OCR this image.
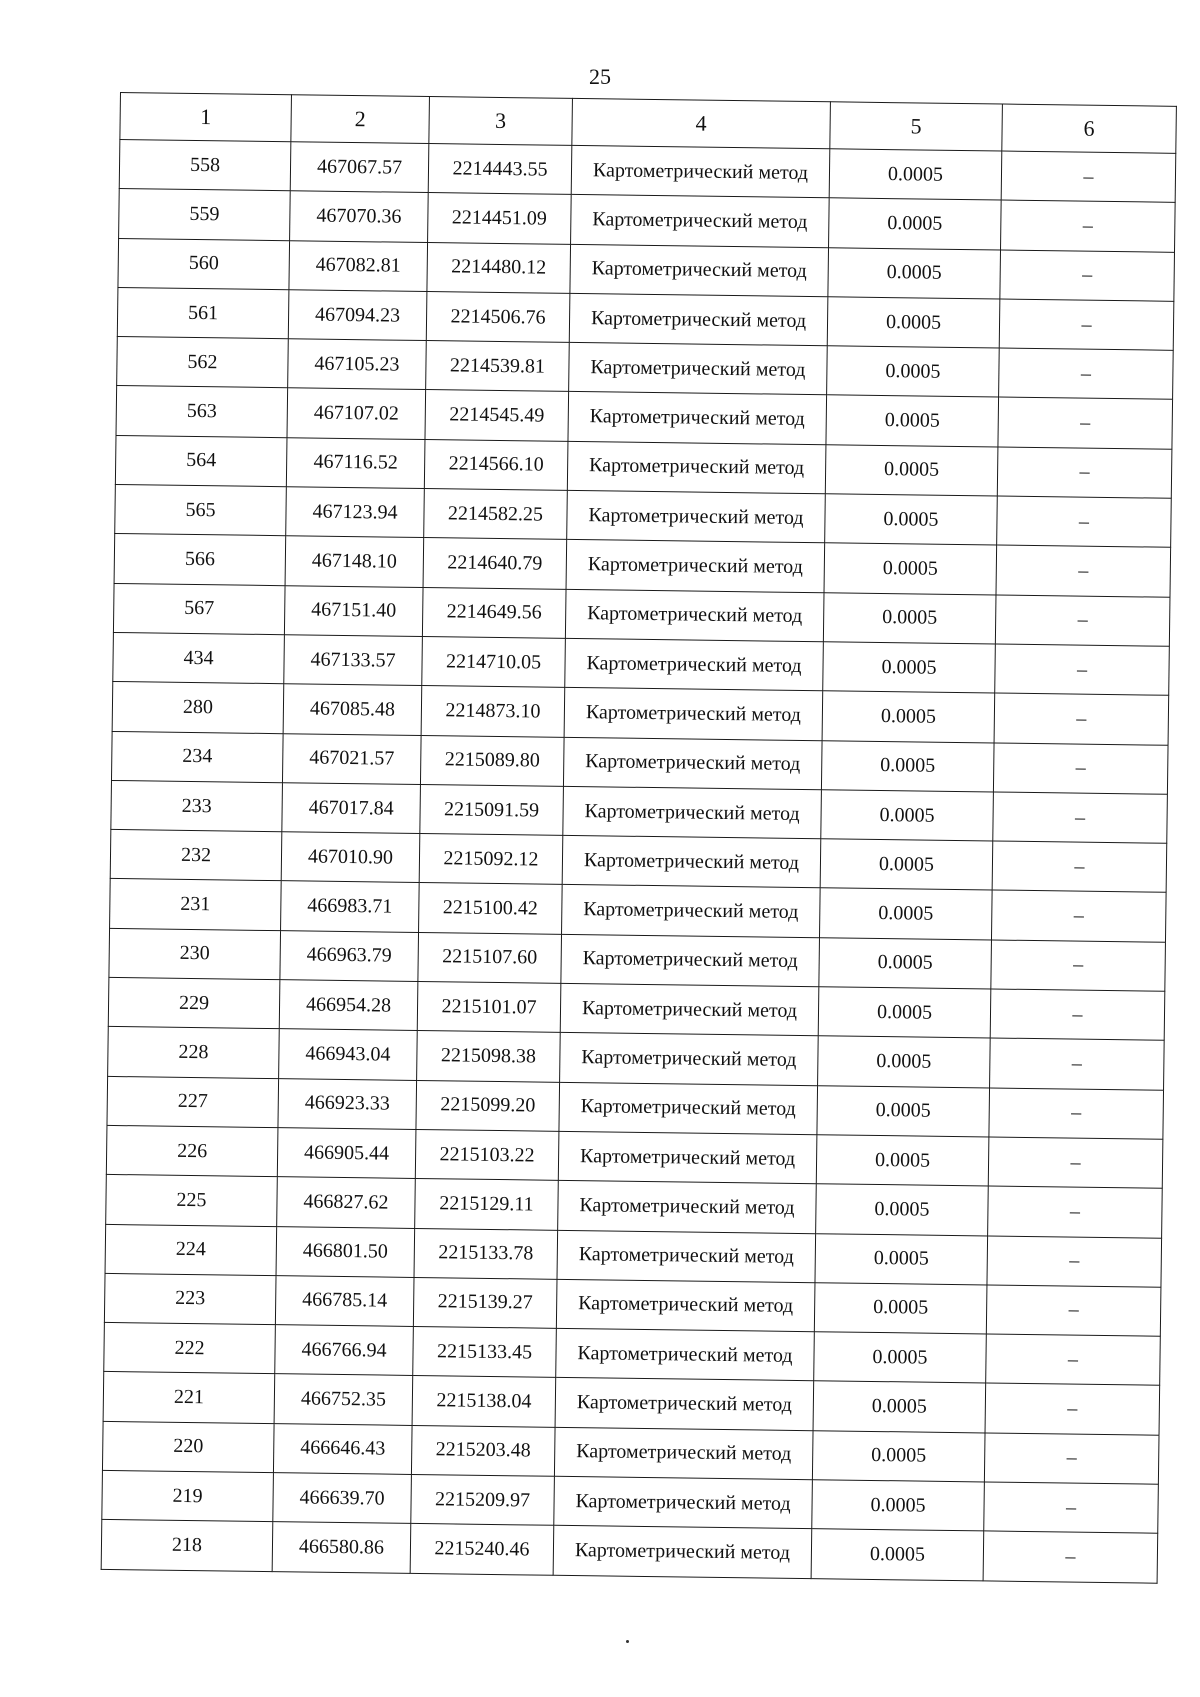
25
1	2	3	4	5	6
558	467067.57	2214443.55	Картометрический метод	0.0005	–
559	467070.36	2214451.09	Картометрический метод	0.0005	–
560	467082.81	2214480.12	Картометрический метод	0.0005	–
561	467094.23	2214506.76	Картометрический метод	0.0005	–
562	467105.23	2214539.81	Картометрический метод	0.0005	–
563	467107.02	2214545.49	Картометрический метод	0.0005	–
564	467116.52	2214566.10	Картометрический метод	0.0005	–
565	467123.94	2214582.25	Картометрический метод	0.0005	–
566	467148.10	2214640.79	Картометрический метод	0.0005	–
567	467151.40	2214649.56	Картометрический метод	0.0005	–
434	467133.57	2214710.05	Картометрический метод	0.0005	–
280	467085.48	2214873.10	Картометрический метод	0.0005	–
234	467021.57	2215089.80	Картометрический метод	0.0005	–
233	467017.84	2215091.59	Картометрический метод	0.0005	–
232	467010.90	2215092.12	Картометрический метод	0.0005	–
231	466983.71	2215100.42	Картометрический метод	0.0005	–
230	466963.79	2215107.60	Картометрический метод	0.0005	–
229	466954.28	2215101.07	Картометрический метод	0.0005	–
228	466943.04	2215098.38	Картометрический метод	0.0005	–
227	466923.33	2215099.20	Картометрический метод	0.0005	–
226	466905.44	2215103.22	Картометрический метод	0.0005	–
225	466827.62	2215129.11	Картометрический метод	0.0005	–
224	466801.50	2215133.78	Картометрический метод	0.0005	–
223	466785.14	2215139.27	Картометрический метод	0.0005	–
222	466766.94	2215133.45	Картометрический метод	0.0005	–
221	466752.35	2215138.04	Картометрический метод	0.0005	–
220	466646.43	2215203.48	Картометрический метод	0.0005	–
219	466639.70	2215209.97	Картометрический метод	0.0005	–
218	466580.86	2215240.46	Картометрический метод	0.0005	–
